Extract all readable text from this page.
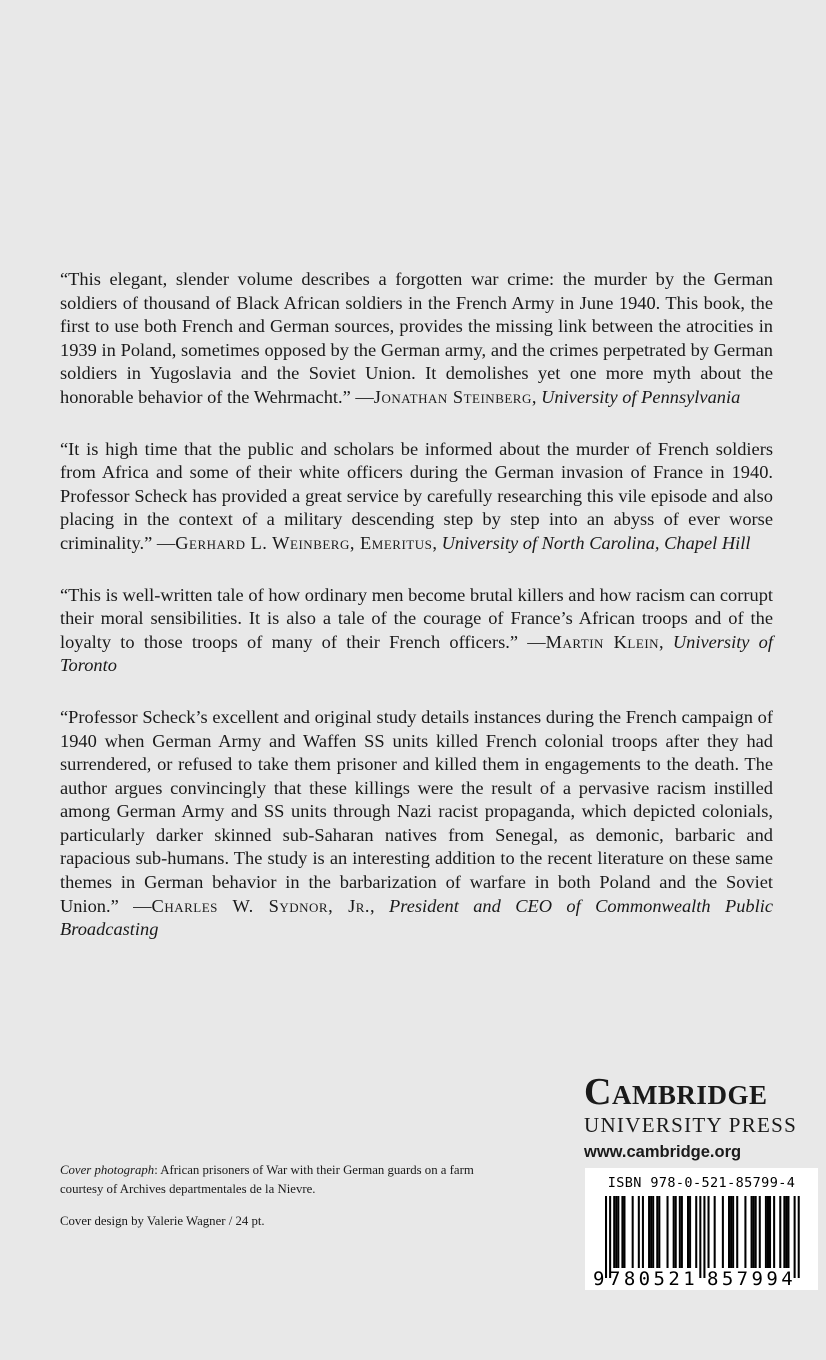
“This elegant, slender volume describes a forgotten war crime: the murder by the German soldiers of thousand of Black African soldiers in the French Army in June 1940. This book, the first to use both French and German sources, provides the missing link between the atrocities in 1939 in Poland, sometimes opposed by the German army, and the crimes perpetrated by German soldiers in Yugoslavia and the Soviet Union. It demolishes yet one more myth about the honorable behavior of the Wehrmacht.” —Jonathan Steinberg, University of Pennsylvania

“It is high time that the public and scholars be informed about the murder of French soldiers from Africa and some of their white officers during the German invasion of France in 1940. Professor Scheck has provided a great service by carefully researching this vile episode and also placing in the context of a military descending step by step into an abyss of ever worse criminality.” —Gerhard L. Weinberg, Emeritus, University of North Carolina, Chapel Hill

“This is well-written tale of how ordinary men become brutal killers and how racism can corrupt their moral sensibilities. It is also a tale of the courage of France’s African troops and of the loyalty to those troops of many of their French officers.” —Martin Klein, University of Toronto

“Professor Scheck’s excellent and original study details instances during the French campaign of 1940 when German Army and Waffen SS units killed French colonial troops after they had surrendered, or refused to take them prisoner and killed them in engagements to the death. The author argues convincingly that these killings were the result of a pervasive racism instilled among German Army and SS units through Nazi racist propaganda, which depicted colonials, particularly darker skinned sub-Saharan natives from Senegal, as demonic, barbaric and rapacious sub-humans. The study is an interesting addition to the recent literature on these same themes in German behavior in the barbarization of warfare in both Poland and the Soviet Union.” —Charles W. Sydnor, Jr., President and CEO of Commonwealth Public Broadcasting

Cambridge
UNIVERSITY PRESS
www.cambridge.org

Cover photograph: African prisoners of War with their German guards on a farm courtesy of Archives departmentales de la Nievre.

Cover design by Valerie Wagner / 24 pt.

ISBN 978-0-521-85799-4
9 780521 857994
